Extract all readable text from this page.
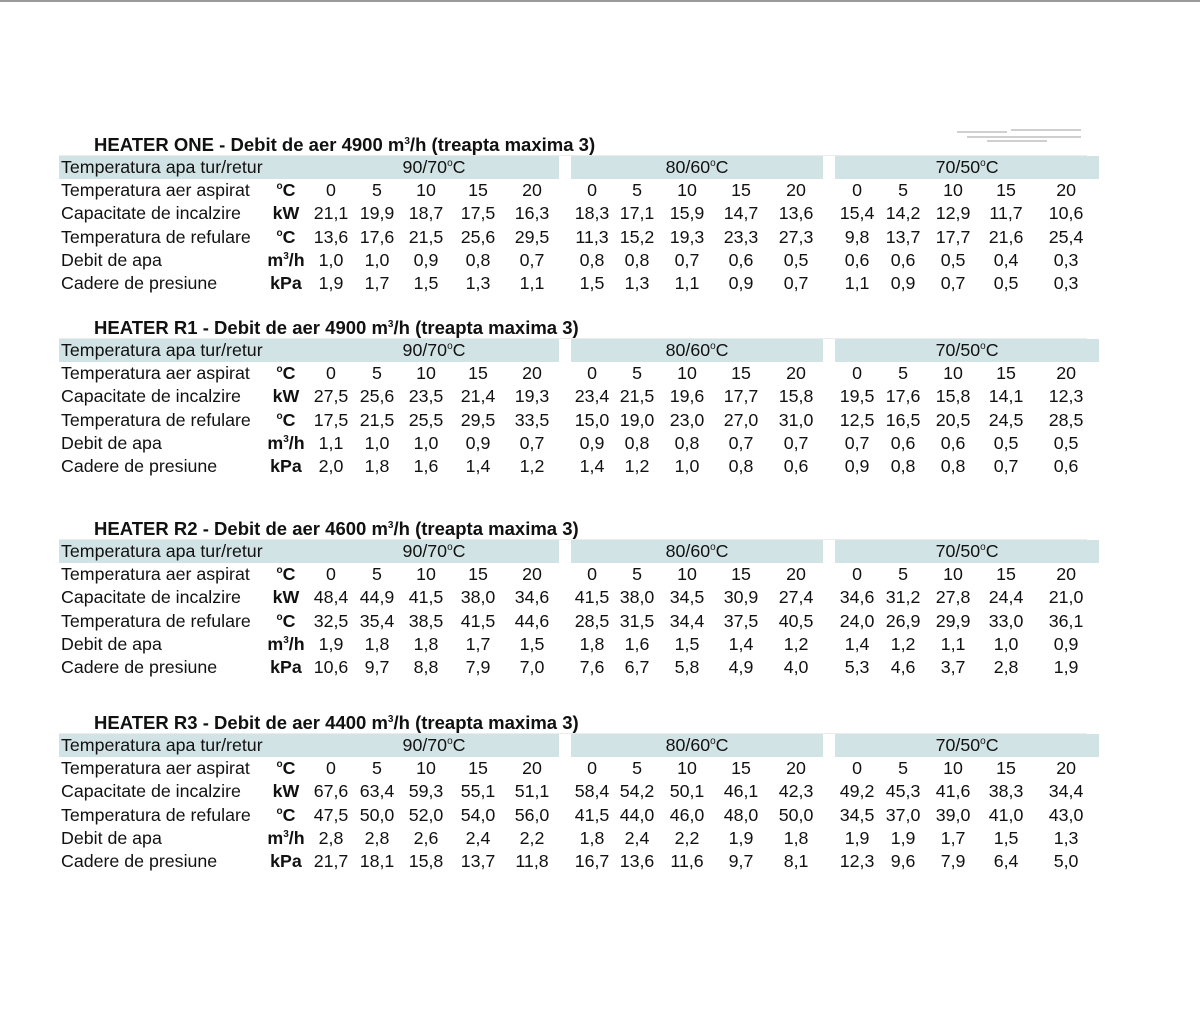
HEATER ONE - Debit de aer 4900 $m^3/h$ (treapta maxima 3)
Temperatura apa tur/retur		90/70$^o$C						80/60$^o$C						70/50$^o$C				
Temperatura aer aspirat	$^o$C	0	5	10	15	20		0	5	10	15	20		0	5	10	15	20
Capacitate de incalzire	kW	21,1	19,9	18,7	17,5	16,3		18,3	17,1	15,9	14,7	13,6		15,4	14,2	12,9	11,7	10,6
Temperatura de refulare	$^o$C	13,6	17,6	21,5	25,6	29,5		11,3	15,2	19,3	23,3	27,3		9,8	13,7	17,7	21,6	25,4
Debit de apa	$m^3/h$	1,0	1,0	0,9	0,8	0,7		0,8	0,8	0,7	0,6	0,5		0,6	0,6	0,5	0,4	0,3
Cadere de presiune	kPa	1,9	1,7	1,5	1,3	1,1		1,5	1,3	1,1	0,9	0,7		1,1	0,9	0,7	0,5	0,3
HEATER R1 - Debit de aer 4900 $m^3/h$ (treapta maxima 3)
Temperatura apa tur/retur		90/70$^o$C						80/60$^o$C						70/50$^o$C				
Temperatura aer aspirat	$^o$C	0	5	10	15	20		0	5	10	15	20		0	5	10	15	20
Capacitate de incalzire	kW	27,5	25,6	23,5	21,4	19,3		23,4	21,5	19,6	17,7	15,8		19,5	17,6	15,8	14,1	12,3
Temperatura de refulare	$^o$C	17,5	21,5	25,5	29,5	33,5		15,0	19,0	23,0	27,0	31,0		12,5	16,5	20,5	24,5	28,5
Debit de apa	$m^3/h$	1,1	1,0	1,0	0,9	0,7		0,9	0,8	0,8	0,7	0,7		0,7	0,6	0,6	0,5	0,5
Cadere de presiune	kPa	2,0	1,8	1,6	1,4	1,2		1,4	1,2	1,0	0,8	0,6		0,9	0,8	0,8	0,7	0,6
HEATER R2 - Debit de aer 4600 $m^3/h$ (treapta maxima 3)
Temperatura apa tur/retur		90/70$^o$C						80/60$^o$C						70/50$^o$C				
Temperatura aer aspirat	$^o$C	0	5	10	15	20		0	5	10	15	20		0	5	10	15	20
Capacitate de incalzire	kW	48,4	44,9	41,5	38,0	34,6		41,5	38,0	34,5	30,9	27,4		34,6	31,2	27,8	24,4	21,0
Temperatura de refulare	$^o$C	32,5	35,4	38,5	41,5	44,6		28,5	31,5	34,4	37,5	40,5		24,0	26,9	29,9	33,0	36,1
Debit de apa	$m^3/h$	1,9	1,8	1,8	1,7	1,5		1,8	1,6	1,5	1,4	1,2		1,4	1,2	1,1	1,0	0,9
Cadere de presiune	kPa	10,6	9,7	8,8	7,9	7,0		7,6	6,7	5,8	4,9	4,0		5,3	4,6	3,7	2,8	1,9
HEATER R3 - Debit de aer 4400 $m^3/h$ (treapta maxima 3)
Temperatura apa tur/retur		90/70$^o$C						80/60$^o$C						70/50$^o$C				
Temperatura aer aspirat	$^o$C	0	5	10	15	20		0	5	10	15	20		0	5	10	15	20
Capacitate de incalzire	kW	67,6	63,4	59,3	55,1	51,1		58,4	54,2	50,1	46,1	42,3		49,2	45,3	41,6	38,3	34,4
Temperatura de refulare	$^o$C	47,5	50,0	52,0	54,0	56,0		41,5	44,0	46,0	48,0	50,0		34,5	37,0	39,0	41,0	43,0
Debit de apa	$m^3/h$	2,8	2,8	2,6	2,4	2,2		1,8	2,4	2,2	1,9	1,8		1,9	1,9	1,7	1,5	1,3
Cadere de presiune	kPa	21,7	18,1	15,8	13,7	11,8		16,7	13,6	11,6	9,7	8,1		12,3	9,6	7,9	6,4	5,0
